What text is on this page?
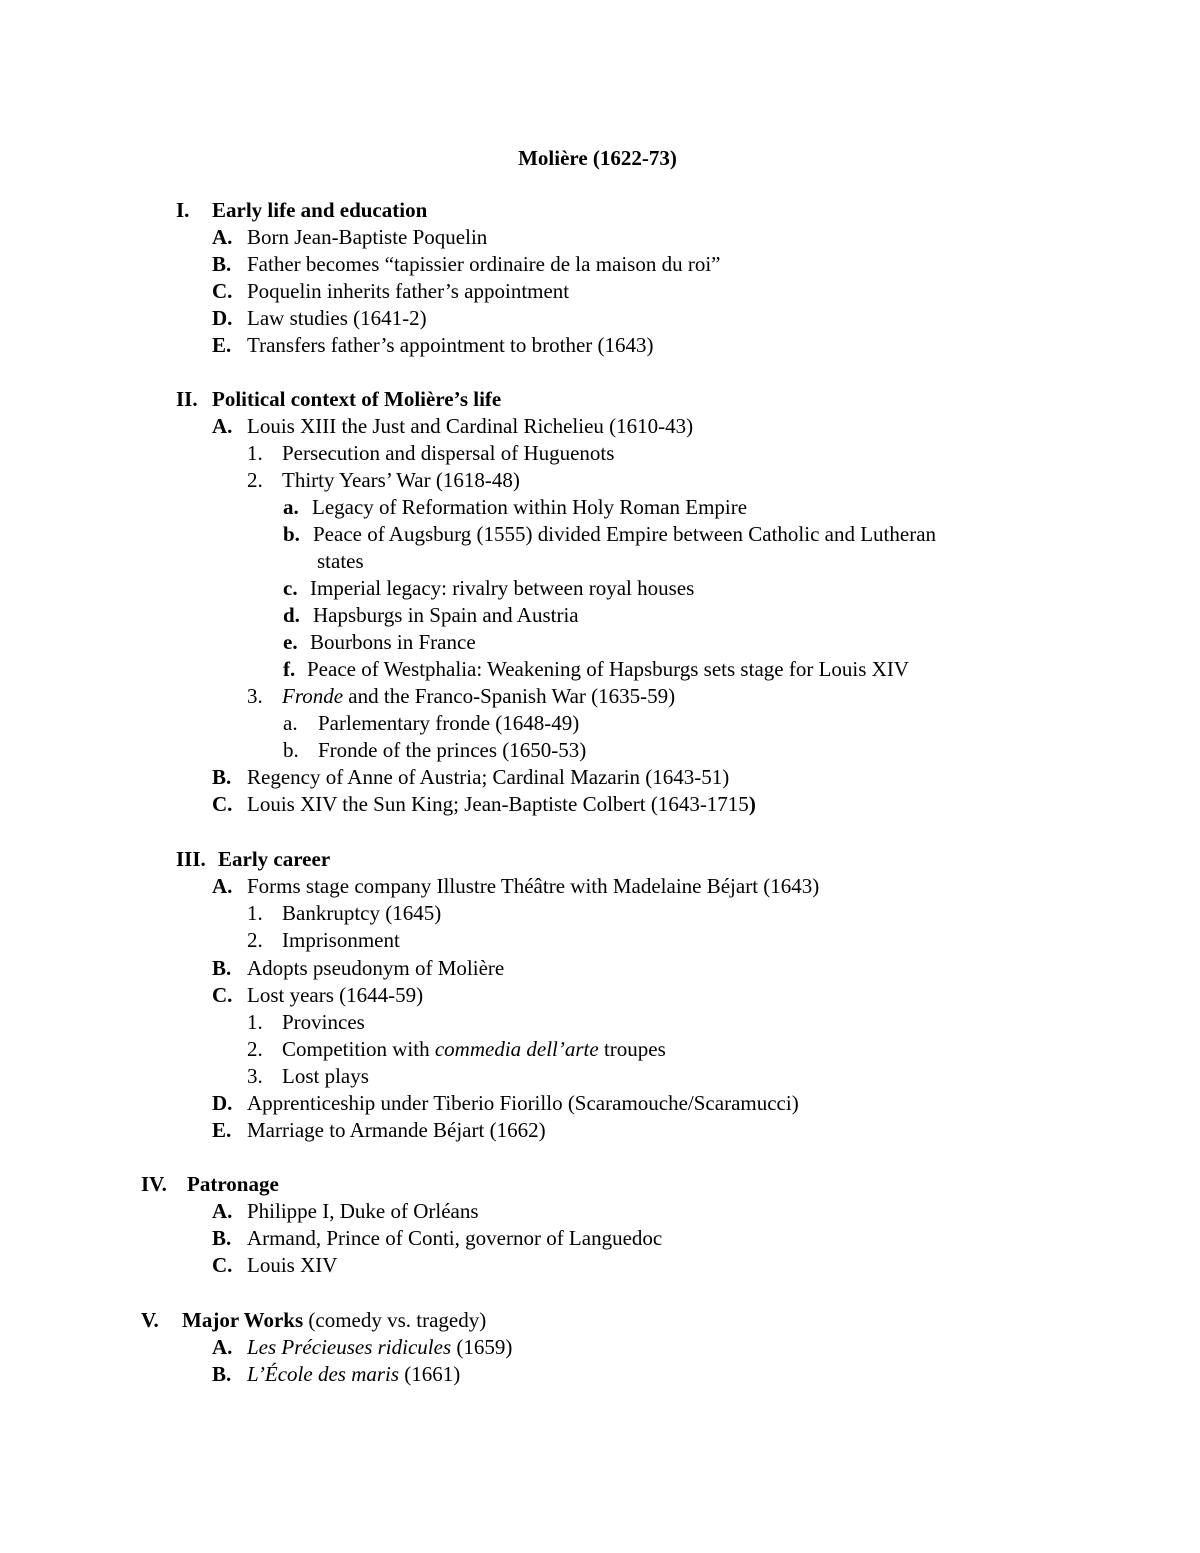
Molière (1622-73)
I. Early life and education
A. Born Jean-Baptiste Poquelin
B. Father becomes “tapissier ordinaire de la maison du roi”
C. Poquelin inherits father’s appointment
D. Law studies (1641-2)
E. Transfers father’s appointment to brother (1643)
II. Political context of Molière’s life
A. Louis XIII the Just and Cardinal Richelieu (1610-43)
1. Persecution and dispersal of Huguenots
2. Thirty Years’ War (1618-48)
a. Legacy of Reformation within Holy Roman Empire
b. Peace of Augsburg (1555) divided Empire between Catholic and Lutheran
states
c. Imperial legacy: rivalry between royal houses
d. Hapsburgs in Spain and Austria
e. Bourbons in France
f. Peace of Westphalia: Weakening of Hapsburgs sets stage for Louis XIV
3. Fronde and the Franco-Spanish War (1635-59)
a. Parlementary fronde (1648-49)
b. Fronde of the princes (1650-53)
B. Regency of Anne of Austria; Cardinal Mazarin (1643-51)
C. Louis XIV the Sun King; Jean-Baptiste Colbert (1643-1715)
III. Early career
A. Forms stage company Illustre Théâtre with Madelaine Béjart (1643)
1. Bankruptcy (1645)
2. Imprisonment
B. Adopts pseudonym of Molière
C. Lost years (1644-59)
1. Provinces
2. Competition with commedia dell’arte troupes
3. Lost plays
D. Apprenticeship under Tiberio Fiorillo (Scaramouche/Scaramucci)
E. Marriage to Armande Béjart (1662)
IV. Patronage
A. Philippe I, Duke of Orléans
B. Armand, Prince of Conti, governor of Languedoc
C. Louis XIV
V. Major Works (comedy vs. tragedy)
A. Les Précieuses ridicules (1659)
B. L’École des maris (1661)
